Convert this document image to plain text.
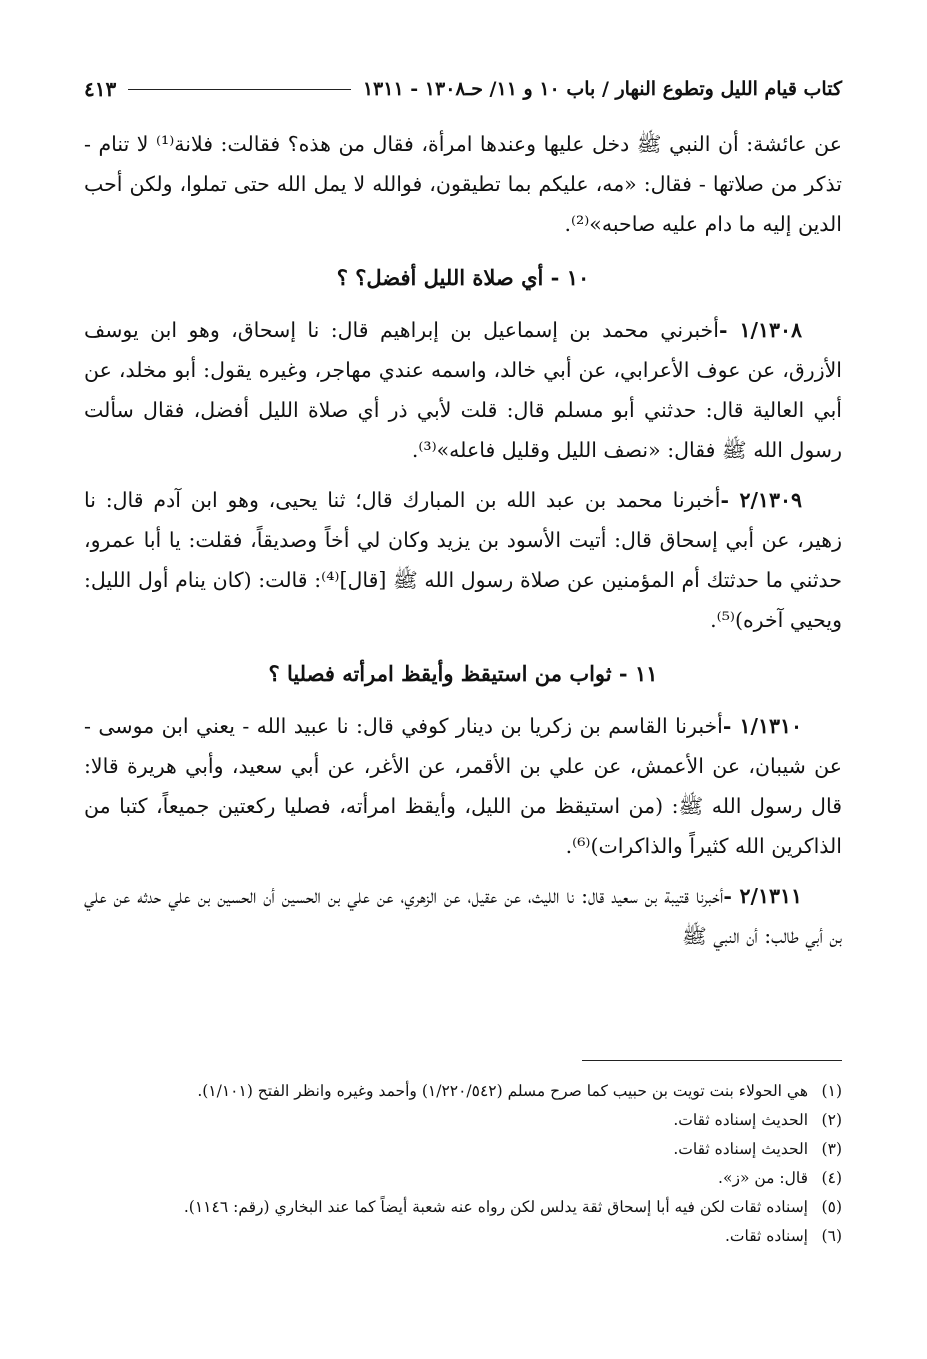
كتاب قيام الليل وتطوع النهار / باب ١٠ و ١١/ حـ١٣٠٨ - ١٣١١
٤١٣

عن عائشة: أن النبي ﷺ دخل عليها وعندها امرأة، فقال من هذه؟ فقالت: فلانة⁽¹⁾ لا تنام - تذكر من صلاتها - فقال: «مه، عليكم بما تطيقون، فوالله لا يمل الله حتى تملوا، ولكن أحب الدين إليه ما دام عليه صاحبه»⁽²⁾.

١٠ - أي صلاة الليل أفضل؟ ؟

١/١٣٠٨ -أخبرني محمد بن إسماعيل بن إبراهيم قال: نا إسحاق، وهو ابن يوسف الأزرق، عن عوف الأعرابي، عن أبي خالد، واسمه عندي مهاجر، وغيره يقول: أبو مخلد، عن أبي العالية قال: حدثني أبو مسلم قال: قلت لأبي ذر أي صلاة الليل أفضل، فقال سألت رسول الله ﷺ فقال: «نصف الليل وقليل فاعله»⁽³⁾.

٢/١٣٠٩ -أخبرنا محمد بن عبد الله بن المبارك قال؛ ثنا يحيى، وهو ابن آدم قال: نا زهير، عن أبي إسحاق قال: أتيت الأسود بن يزيد وكان لي أخاً وصديقاً، فقلت: يا أبا عمرو، حدثني ما حدثتك أم المؤمنين عن صلاة رسول الله ﷺ [قال]⁽⁴⁾: قالت: (كان ينام أول الليل: ويحيي آخره)⁽⁵⁾.

١١ - ثواب من استيقظ وأيقظ امرأته فصليا ؟

١/١٣١٠ -أخبرنا القاسم بن زكريا بن دينار كوفي قال: نا عبيد الله - يعني ابن موسى - عن شيبان، عن الأعمش، عن علي بن الأقمر، عن الأغر، عن أبي سعيد، وأبي هريرة قالا: قال رسول الله ﷺ: (من استيقظ من الليل، وأيقظ امرأته، فصليا ركعتين جميعاً، كتبا من الذاكرين الله كثيراً والذاكرات)⁽⁶⁾.

٢/١٣١١ -أخبرنا قتيبة بن سعيد قال: نا الليث، عن عقيل، عن الزهري، عن علي بن الحسين أن الحسين بن علي حدثه عن علي بن أبي طالب: أن النبي ﷺ

(١)
هي الحولاء بنت تويت بن حبيب كما صرح مسلم (١/٢٢٠/٥٤٢) وأحمد وغيره وانظر الفتح (١/١٠١).
(٢)
الحديث إسناده ثقات.
(٣)
الحديث إسناده ثقات.
(٤)
قال: من «ز».
(٥)
إسناده ثقات لكن فيه أبا إسحاق ثقة يدلس لكن رواه عنه شعبة أيضاً كما عند البخاري (رقم: ١١٤٦).
(٦)
إسناده ثقات.
